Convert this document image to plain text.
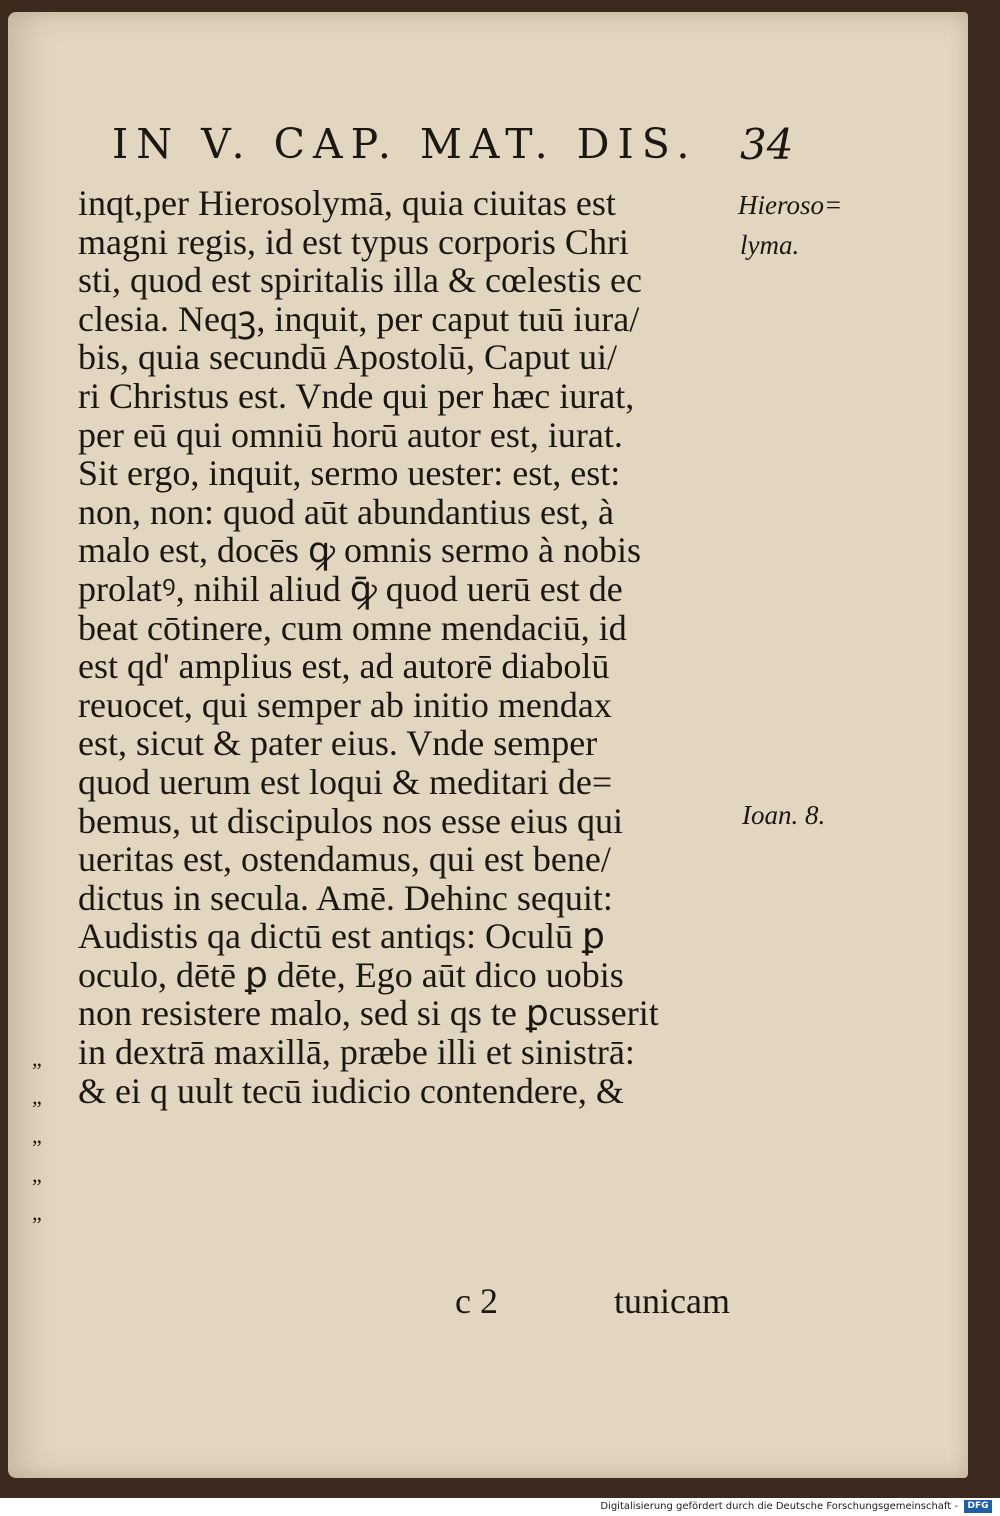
IN V. CAP. MAT. DIS.	34
Hieroso=
lyma.
Ioan. 8.
„
„
„
„
„
inqt,per Hierosolymā, quia ciuitas est
magni regis, id est typus corporis Chri
sti, quod est spiritalis illa & cœlestis ec
clesia. Neqꝫ, inquit, per caput tuū iura/
bis, quia secundū Apostolū, Caput ui/
ri Christus est. Vnde qui per hæc iurat,
per eū qui omniū horū autor est, iurat.
Sit ergo, inquit, sermo uester: est, est:
non, non: quod aūt abundantius est, à
malo est, docēs ꝙ omnis sermo à nobis
prolatꝰ, nihil aliud ꝙ̄ quod uerū est de
beat cōtinere, cum omne mendaciū, id
est qd' amplius est, ad autorē diabolū
reuocet, qui semper ab initio mendax
est, sicut & pater eius. Vnde semper
quod uerum est loqui & meditari de=
bemus, ut discipulos nos esse eius qui
ueritas est, ostendamus, qui est bene/
dictus in secula. Amē. Dehinc sequit:
Audistis qa dictū est antiqs: Oculū ꝑ
oculo, dētē ꝑ dēte, Ego aūt dico uobis
non resistere malo, sed si qs te ꝑcusserit
in dextrā maxillā, præbe illi et sinistrā:
& ei q uult tecū iudicio contendere, &
c 2	tunicam
Digitalisierung gefördert durch die Deutsche Forschungsgemeinschaft -	DFG
